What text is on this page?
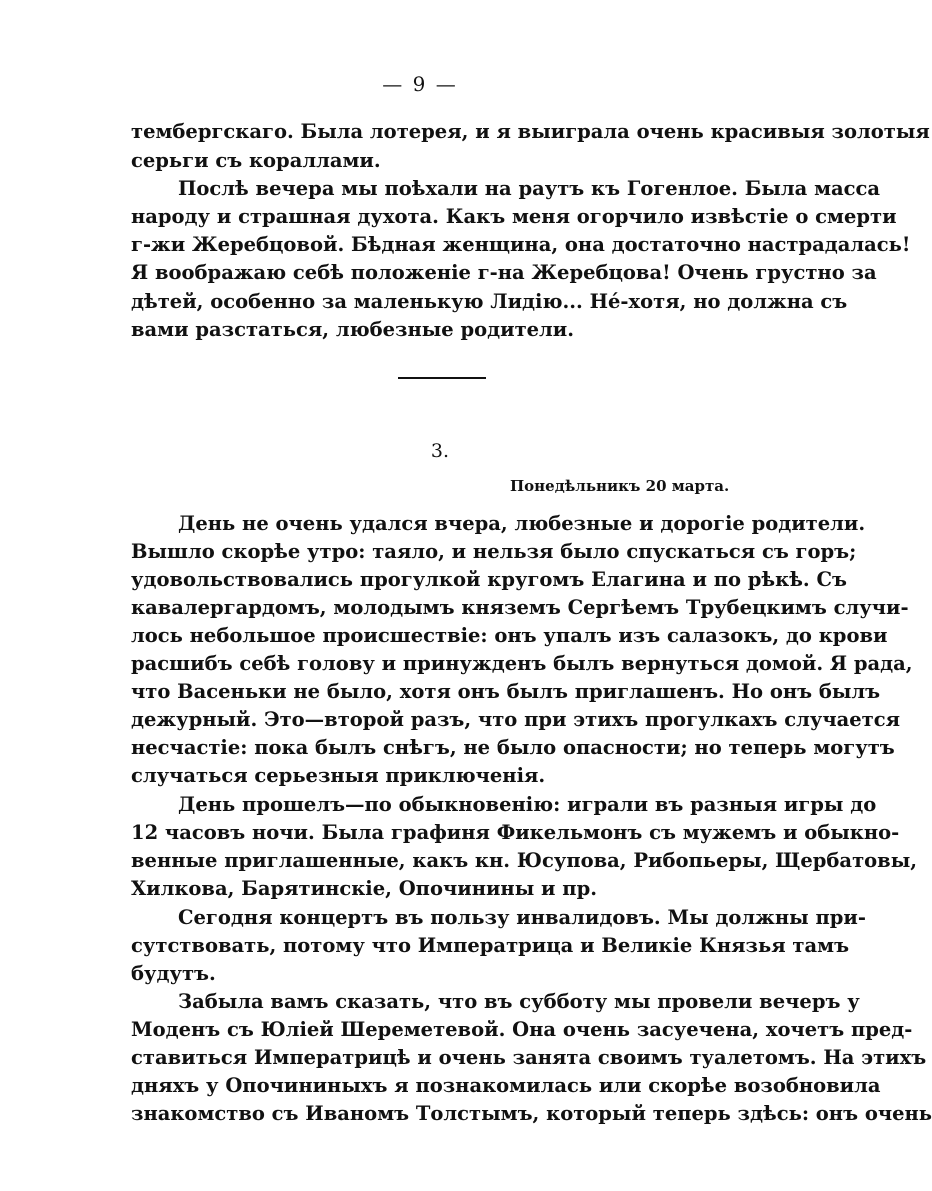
— 9 —
тембергскаго. Была лотерея, и я выиграла очень красивыя золотыя
серьги съ кораллами.
Послѣ вечера мы поѣхали на раутъ къ Гогенлое. Была масса
народу и страшная духота. Какъ меня огорчило извѣстіе о смерти
г-жи Жеребцовой. Бѣдная женщина, она достаточно настрадалась!
Я воображаю себѣ положеніе г-на Жеребцова! Очень грустно за
дѣтей, особенно за маленькую Лидію... Нé-хотя, но должна съ
вами разстаться, любезные родители.
3.
Понедѣльникъ 20 марта.
День не очень удался вчера, любезные и дорогіе родители.
Вышло скорѣе утро: таяло, и нельзя было спускаться съ горъ;
удовольствовались прогулкой кругомъ Елагина и по рѣкѣ. Съ
кавалергардомъ, молодымъ княземъ Сергѣемъ Трубецкимъ случи-
лось небольшое происшествіе: онъ упалъ изъ салазокъ, до крови
расшибъ себѣ голову и принужденъ былъ вернуться домой. Я рада,
что Васеньки не было, хотя онъ былъ приглашенъ. Но онъ былъ
дежурный. Это—второй разъ, что при этихъ прогулкахъ случается
несчастіе: пока былъ снѣгъ, не было опасности; но теперь могутъ
случаться серьезныя приключенія.
День прошелъ—по обыкновенію: играли въ разныя игры до
12 часовъ ночи. Была графиня Фикельмонъ съ мужемъ и обыкно-
венные приглашенные, какъ кн. Юсупова, Рибопьеры, Щербатовы,
Хилкова, Барятинскіе, Опочинины и пр.
Сегодня концертъ въ пользу инвалидовъ. Мы должны при-
сутствовать, потому что Императрица и Великіе Князья тамъ
будутъ.
Забыла вамъ сказать, что въ субботу мы провели вечеръ у
Моденъ съ Юліей Шереметевой. Она очень засуечена, хочетъ пред-
ставиться Императрицѣ и очень занята своимъ туалетомъ. На этихъ
дняхъ у Опочининыхъ я познакомилась или скорѣе возобновила
знакомство съ Иваномъ Толстымъ, который теперь здѣсь: онъ очень
